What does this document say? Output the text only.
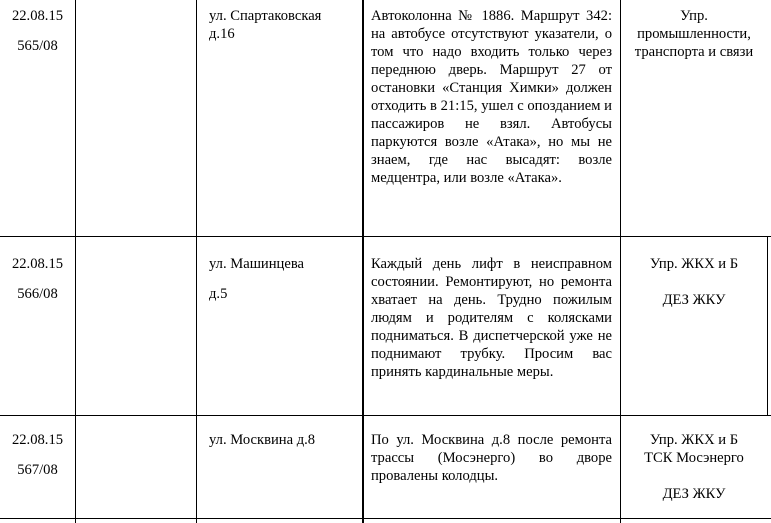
22.08.15
565/08
ул. Спартаковская
д.16
Автоколонна № 1886. Маршрут 342: на автобусе отсутствуют указатели, о том что надо входить только через переднюю дверь. Маршрут 27 от остановки «Станция Химки» должен отходить в 21:15, ушел с опозданием и пассажиров не взял. Автобусы паркуются возле «Атака», но мы не знаем, где нас высадят: возле медцентра, или возле «Атака».
Упр.
промышленности,
транспорта и связи
22.08.15
566/08
ул. Машинцева
д.5
Каждый день лифт в неисправном состоянии. Ремонтируют, но ремонта хватает на день. Трудно пожилым людям и родителям с колясками подниматься. В диспетчерской уже не поднимают трубку. Просим вас принять кардинальные меры.
Упр. ЖКХ и Б
ДЕЗ ЖКУ
22.08.15
567/08
ул. Москвина д.8	По ул. Москвина д.8 после ремонта трассы (Мосэнерго) во дворе провалены колодцы.
Упр. ЖКХ и Б
ТСК Мосэнерго
ДЕЗ ЖКУ
